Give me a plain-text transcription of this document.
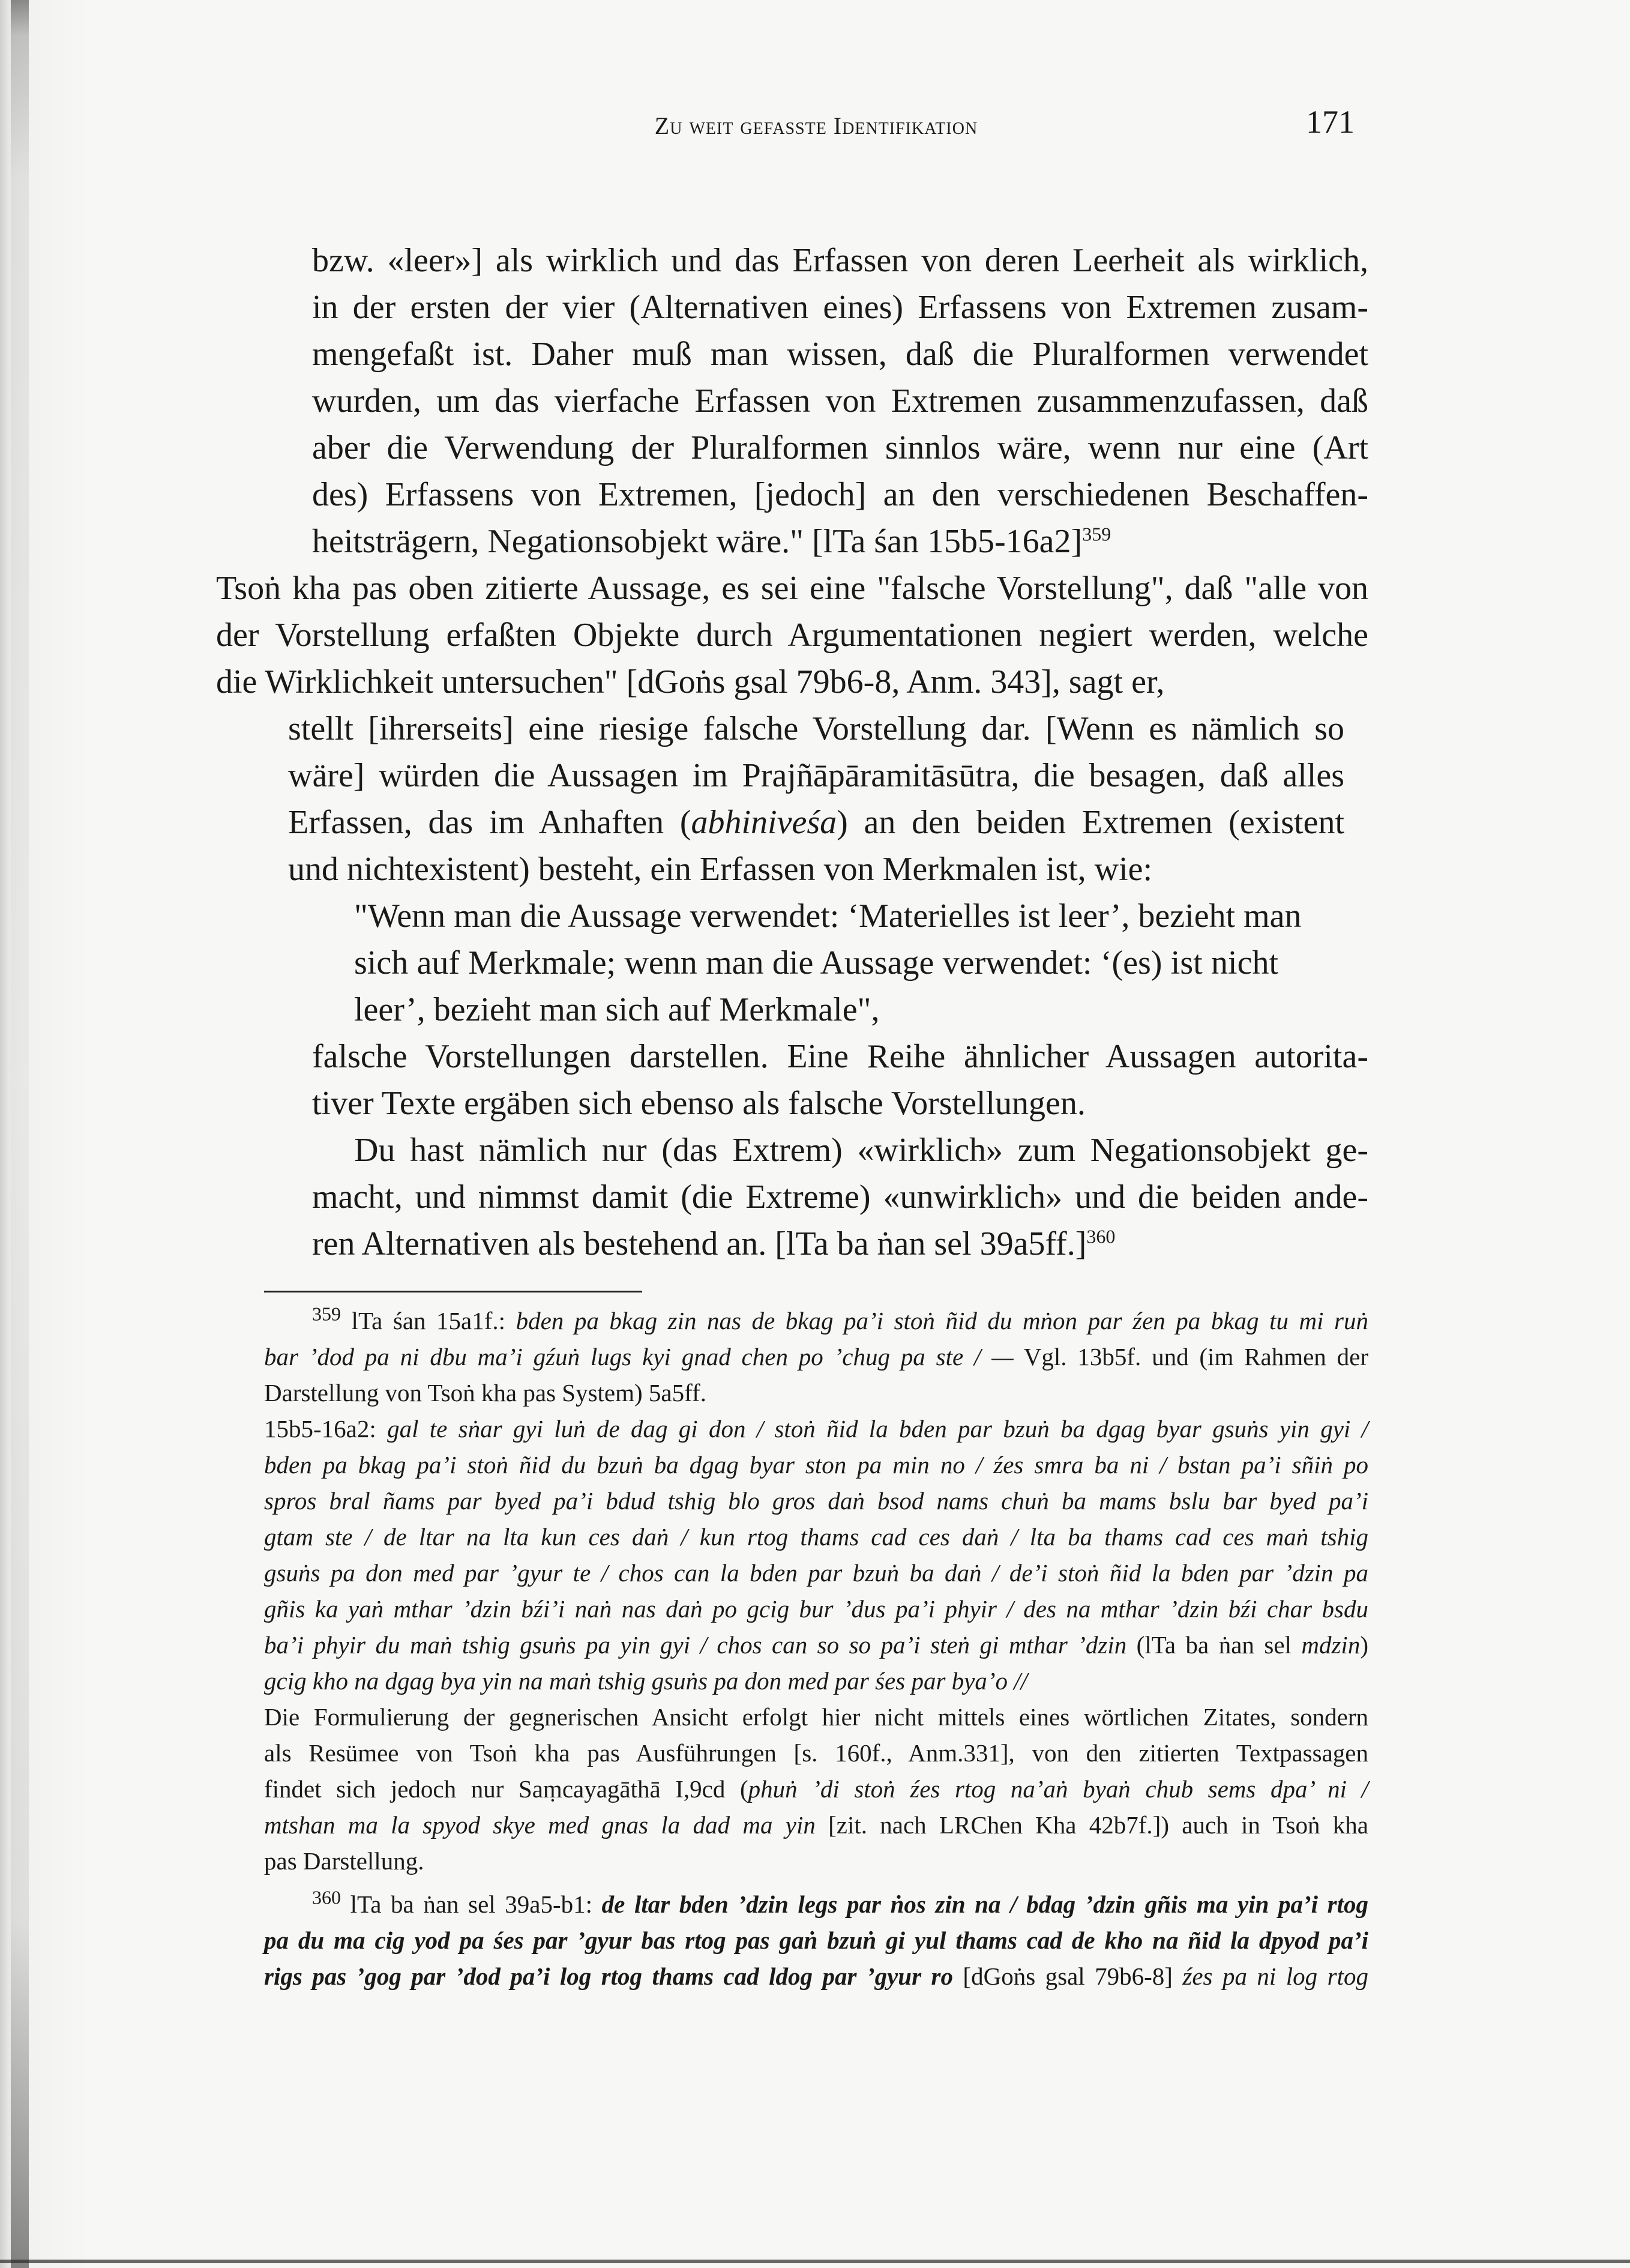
Zu weit gefasste Identifikation	171
bzw. «leer»] als wirklich und das Erfassen von deren Leerheit als wirklich,
in der ersten der vier (Alternativen eines) Erfassens von Extremen zusam-
mengefaßt ist. Daher muß man wissen, daß die Pluralformen verwendet
wurden, um das vierfache Erfassen von Extremen zusammenzufassen, daß
aber die Verwendung der Pluralformen sinnlos wäre, wenn nur eine (Art
des) Erfassens von Extremen, [jedoch] an den verschiedenen Beschaffen-
heitsträgern, Negationsobjekt wäre." [lTa śan 15b5-16a2]$^{359}$
Tsoṅ kha pas oben zitierte Aussage, es sei eine "falsche Vorstellung", daß "alle von
der Vorstellung erfaßten Objekte durch Argumentationen negiert werden, welche
die Wirklichkeit untersuchen" [dGoṅs gsal 79b6-8, Anm. 343], sagt er,
stellt [ihrerseits] eine riesige falsche Vorstellung dar. [Wenn es nämlich so
wäre] würden die Aussagen im Prajñāpāramitāsūtra, die besagen, daß alles
Erfassen, das im Anhaften (abhiniveśa) an den beiden Extremen (existent
und nichtexistent) besteht, ein Erfassen von Merkmalen ist, wie:
"Wenn man die Aussage verwendet: ‘Materielles ist leer’, bezieht man
sich auf Merkmale; wenn man die Aussage verwendet: ‘(es) ist nicht
leer’, bezieht man sich auf Merkmale",
falsche Vorstellungen darstellen. Eine Reihe ähnlicher Aussagen autorita-
tiver Texte ergäben sich ebenso als falsche Vorstellungen.
Du hast nämlich nur (das Extrem) «wirklich» zum Negationsobjekt ge-
macht, und nimmst damit (die Extreme) «unwirklich» und die beiden ande-
ren Alternativen als bestehend an. [lTa ba ṅan sel 39a5ff.]$^{360}$
$^{359}$ lTa śan 15a1f.: bden pa bkag zin nas de bkag pa’i stoṅ ñid du mṅon par źen pa bkag tu mi ruṅ
bar ’dod pa ni dbu ma’i gźuṅ lugs kyi gnad chen po ’chug pa ste / — Vgl. 13b5f. und (im Rahmen der
Darstellung von Tsoṅ kha pas System) 5a5ff.
15b5-16a2: gal te sṅar gyi luṅ de dag gi don / stoṅ ñid la bden par bzuṅ ba dgag byar gsuṅs yin gyi /
bden pa bkag pa’i stoṅ ñid du bzuṅ ba dgag byar ston pa min no / źes smra ba ni / bstan pa’i sñiṅ po
spros bral ñams par byed pa’i bdud tshig blo gros daṅ bsod nams chuṅ ba mams bslu bar byed pa’i
gtam ste / de ltar na lta kun ces daṅ / kun rtog thams cad ces daṅ / lta ba thams cad ces maṅ tshig
gsuṅs pa don med par ’gyur te / chos can la bden par bzuṅ ba daṅ / de’i stoṅ ñid la bden par ’dzin pa
gñis ka yaṅ mthar ’dzin bźi’i naṅ nas daṅ po gcig bur ’dus pa’i phyir / des na mthar ’dzin bźi char bsdu
ba’i phyir du maṅ tshig gsuṅs pa yin gyi / chos can so so pa’i steṅ gi mthar ’dzin (lTa ba ṅan sel mdzin)
gcig kho na dgag bya yin na maṅ tshig gsuṅs pa don med par śes par bya’o //
Die Formulierung der gegnerischen Ansicht erfolgt hier nicht mittels eines wörtlichen Zitates, sondern
als Resümee von Tsoṅ kha pas Ausführungen [s. 160f., Anm.331], von den zitierten Textpassagen
findet sich jedoch nur Saṃcayagāthā I,9cd (phuṅ ’di stoṅ źes rtog na’aṅ byaṅ chub sems dpa’ ni /
mtshan ma la spyod skye med gnas la dad ma yin [zit. nach LRChen Kha 42b7f.]) auch in Tsoṅ kha
pas Darstellung.
$^{360}$ lTa ba ṅan sel 39a5-b1: de ltar bden ’dzin legs par ṅos zin na / bdag ’dzin gñis ma yin pa’i rtog
pa du ma cig yod pa śes par ’gyur bas rtog pas gaṅ bzuṅ gi yul thams cad de kho na ñid la dpyod pa’i
rigs pas ’gog par ’dod pa’i log rtog thams cad ldog par ’gyur ro [dGoṅs gsal 79b6-8] źes pa ni log rtog
